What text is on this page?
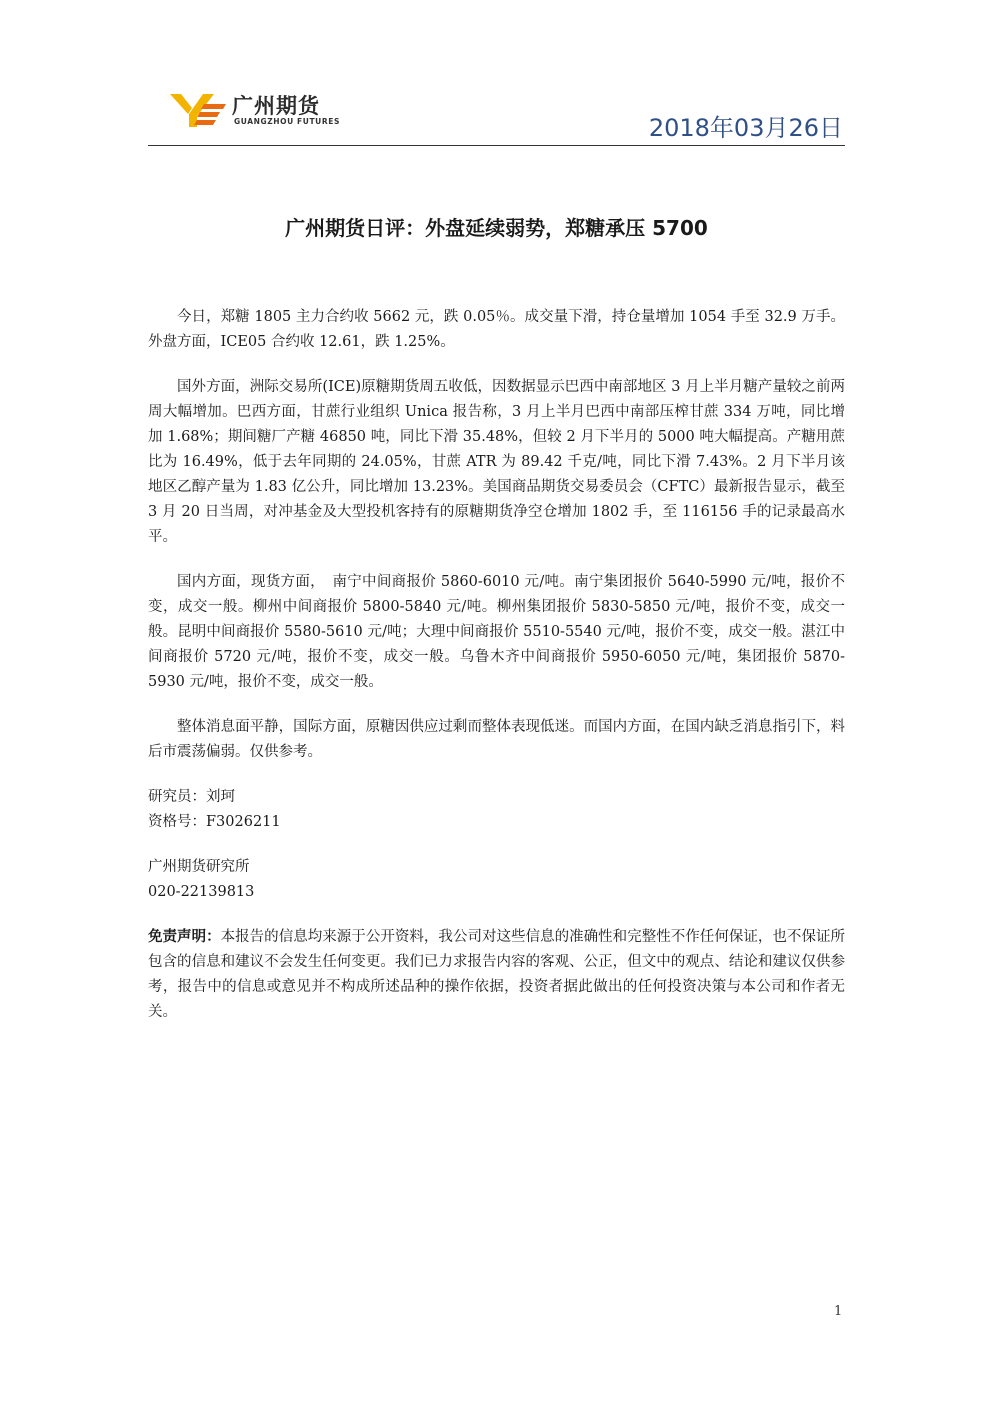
广州期货
GUANGZHOU FUTURES	2018年03月26日
广州期货日评：外盘延续弱势，郑糖承压 5700

今日，郑糖 1805 主力合约收 5662 元，跌 0.05％。成交量下滑，持仓量增加 1054 手至 32.9 万手。外盘方面，ICE05 合约收 12.61，跌 1.25%。

国外方面，洲际交易所(ICE)原糖期货周五收低，因数据显示巴西中南部地区 3 月上半月糖产量较之前两周大幅增加。巴西方面，甘蔗行业组织 Unica 报告称，3 月上半月巴西中南部压榨甘蔗 334 万吨，同比增加 1.68%；期间糖厂产糖 46850 吨，同比下滑 35.48%，但较 2 月下半月的 5000 吨大幅提高。产糖用蔗比为 16.49%，低于去年同期的 24.05%，甘蔗 ATR 为 89.42 千克/吨，同比下滑 7.43%。2 月下半月该地区乙醇产量为 1.83 亿公升，同比增加 13.23%。美国商品期货交易委员会（CFTC）最新报告显示，截至 3 月 20 日当周，对冲基金及大型投机客持有的原糖期货净空仓增加 1802 手，至 116156 手的记录最高水平。

国内方面，现货方面，　南宁中间商报价 5860-6010 元/吨。南宁集团报价 5640-5990 元/吨，报价不变，成交一般。柳州中间商报价 5800-5840 元/吨。柳州集团报价 5830-5850 元/吨，报价不变，成交一般。昆明中间商报价 5580-5610 元/吨；大理中间商报价 5510-5540 元/吨，报价不变，成交一般。湛江中间商报价 5720 元/吨，报价不变，成交一般。乌鲁木齐中间商报价 5950-6050 元/吨，集团报价 5870-5930 元/吨，报价不变，成交一般。

整体消息面平静，国际方面，原糖因供应过剩而整体表现低迷。而国内方面，在国内缺乏消息指引下，料后市震荡偏弱。仅供参考。

研究员：刘珂

资格号：F3026211

广州期货研究所

020-22139813

免责声明：本报告的信息均来源于公开资料，我公司对这些信息的准确性和完整性不作任何保证，也不保证所包含的信息和建议不会发生任何变更。我们已力求报告内容的客观、公正，但文中的观点、结论和建议仅供参考，报告中的信息或意见并不构成所述品种的操作依据，投资者据此做出的任何投资决策与本公司和作者无关。

1
